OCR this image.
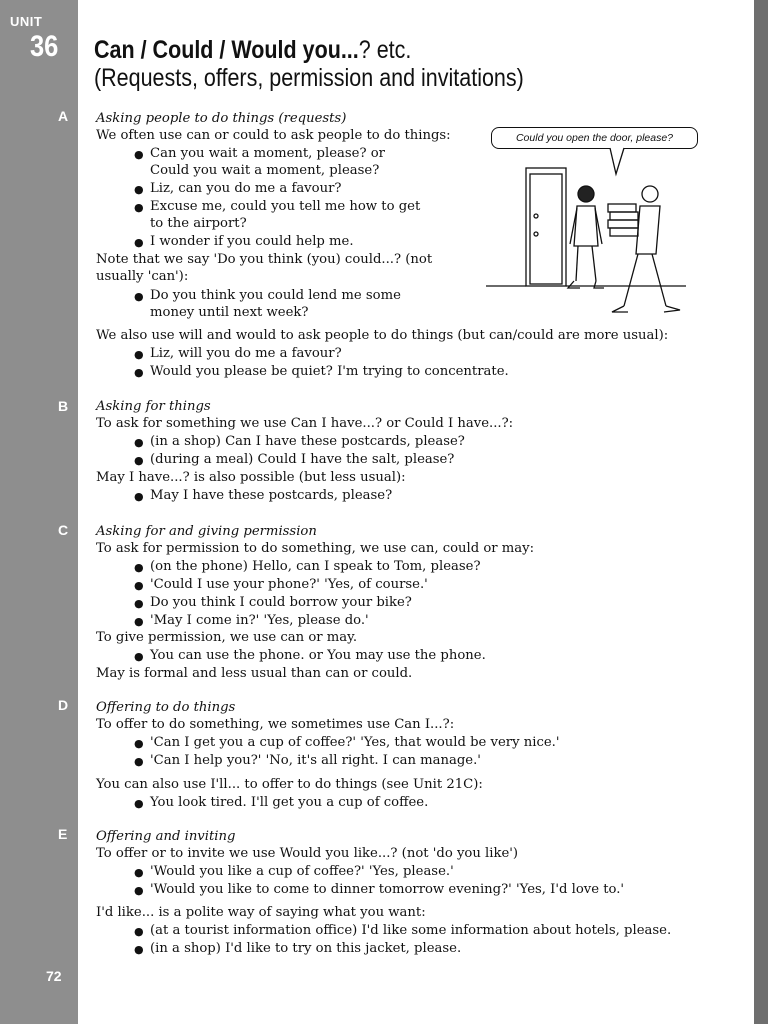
UNIT
36 Can / Could / Would you...? etc.
(Requests, offers, permission and invitations)
A
B
C
D
E
72
Could you open the door, please?
Asking people to do things (requests)
We often use can or could to ask people to do things:
● Can you wait a moment, please? or
Could you wait a moment, please?
● Liz, can you do me a favour?
● Excuse me, could you tell me how to get
to the airport?
● I wonder if you could help me.
Note that we say 'Do you think (you) could...? (not
usually 'can'):
● Do you think you could lend me some
money until next week?
We also use will and would to ask people to do things (but can/could are more usual):
● Liz, will you do me a favour?
● Would you please be quiet? I'm trying to concentrate.
Asking for things
To ask for something we use Can I have...? or Could I have...?:
● (in a shop) Can I have these postcards, please?
● (during a meal) Could I have the salt, please?
May I have...? is also possible (but less usual):
● May I have these postcards, please?
Asking for and giving permission
To ask for permission to do something, we use can, could or may:
● (on the phone) Hello, can I speak to Tom, please?
● 'Could I use your phone?' 'Yes, of course.'
● Do you think I could borrow your bike?
● 'May I come in?' 'Yes, please do.'
To give permission, we use can or may.
● You can use the phone. or You may use the phone.
May is formal and less usual than can or could.
Offering to do things
To offer to do something, we sometimes use Can I...?:
● 'Can I get you a cup of coffee?' 'Yes, that would be very nice.'
● 'Can I help you?' 'No, it's all right. I can manage.'
You can also use I'll... to offer to do things (see Unit 21C):
● You look tired. I'll get you a cup of coffee.
Offering and inviting
To offer or to invite we use Would you like...? (not 'do you like')
● 'Would you like a cup of coffee?' 'Yes, please.'
● 'Would you like to come to dinner tomorrow evening?' 'Yes, I'd love to.'
I'd like... is a polite way of saying what you want:
● (at a tourist information office) I'd like some information about hotels, please.
● (in a shop) I'd like to try on this jacket, please.
